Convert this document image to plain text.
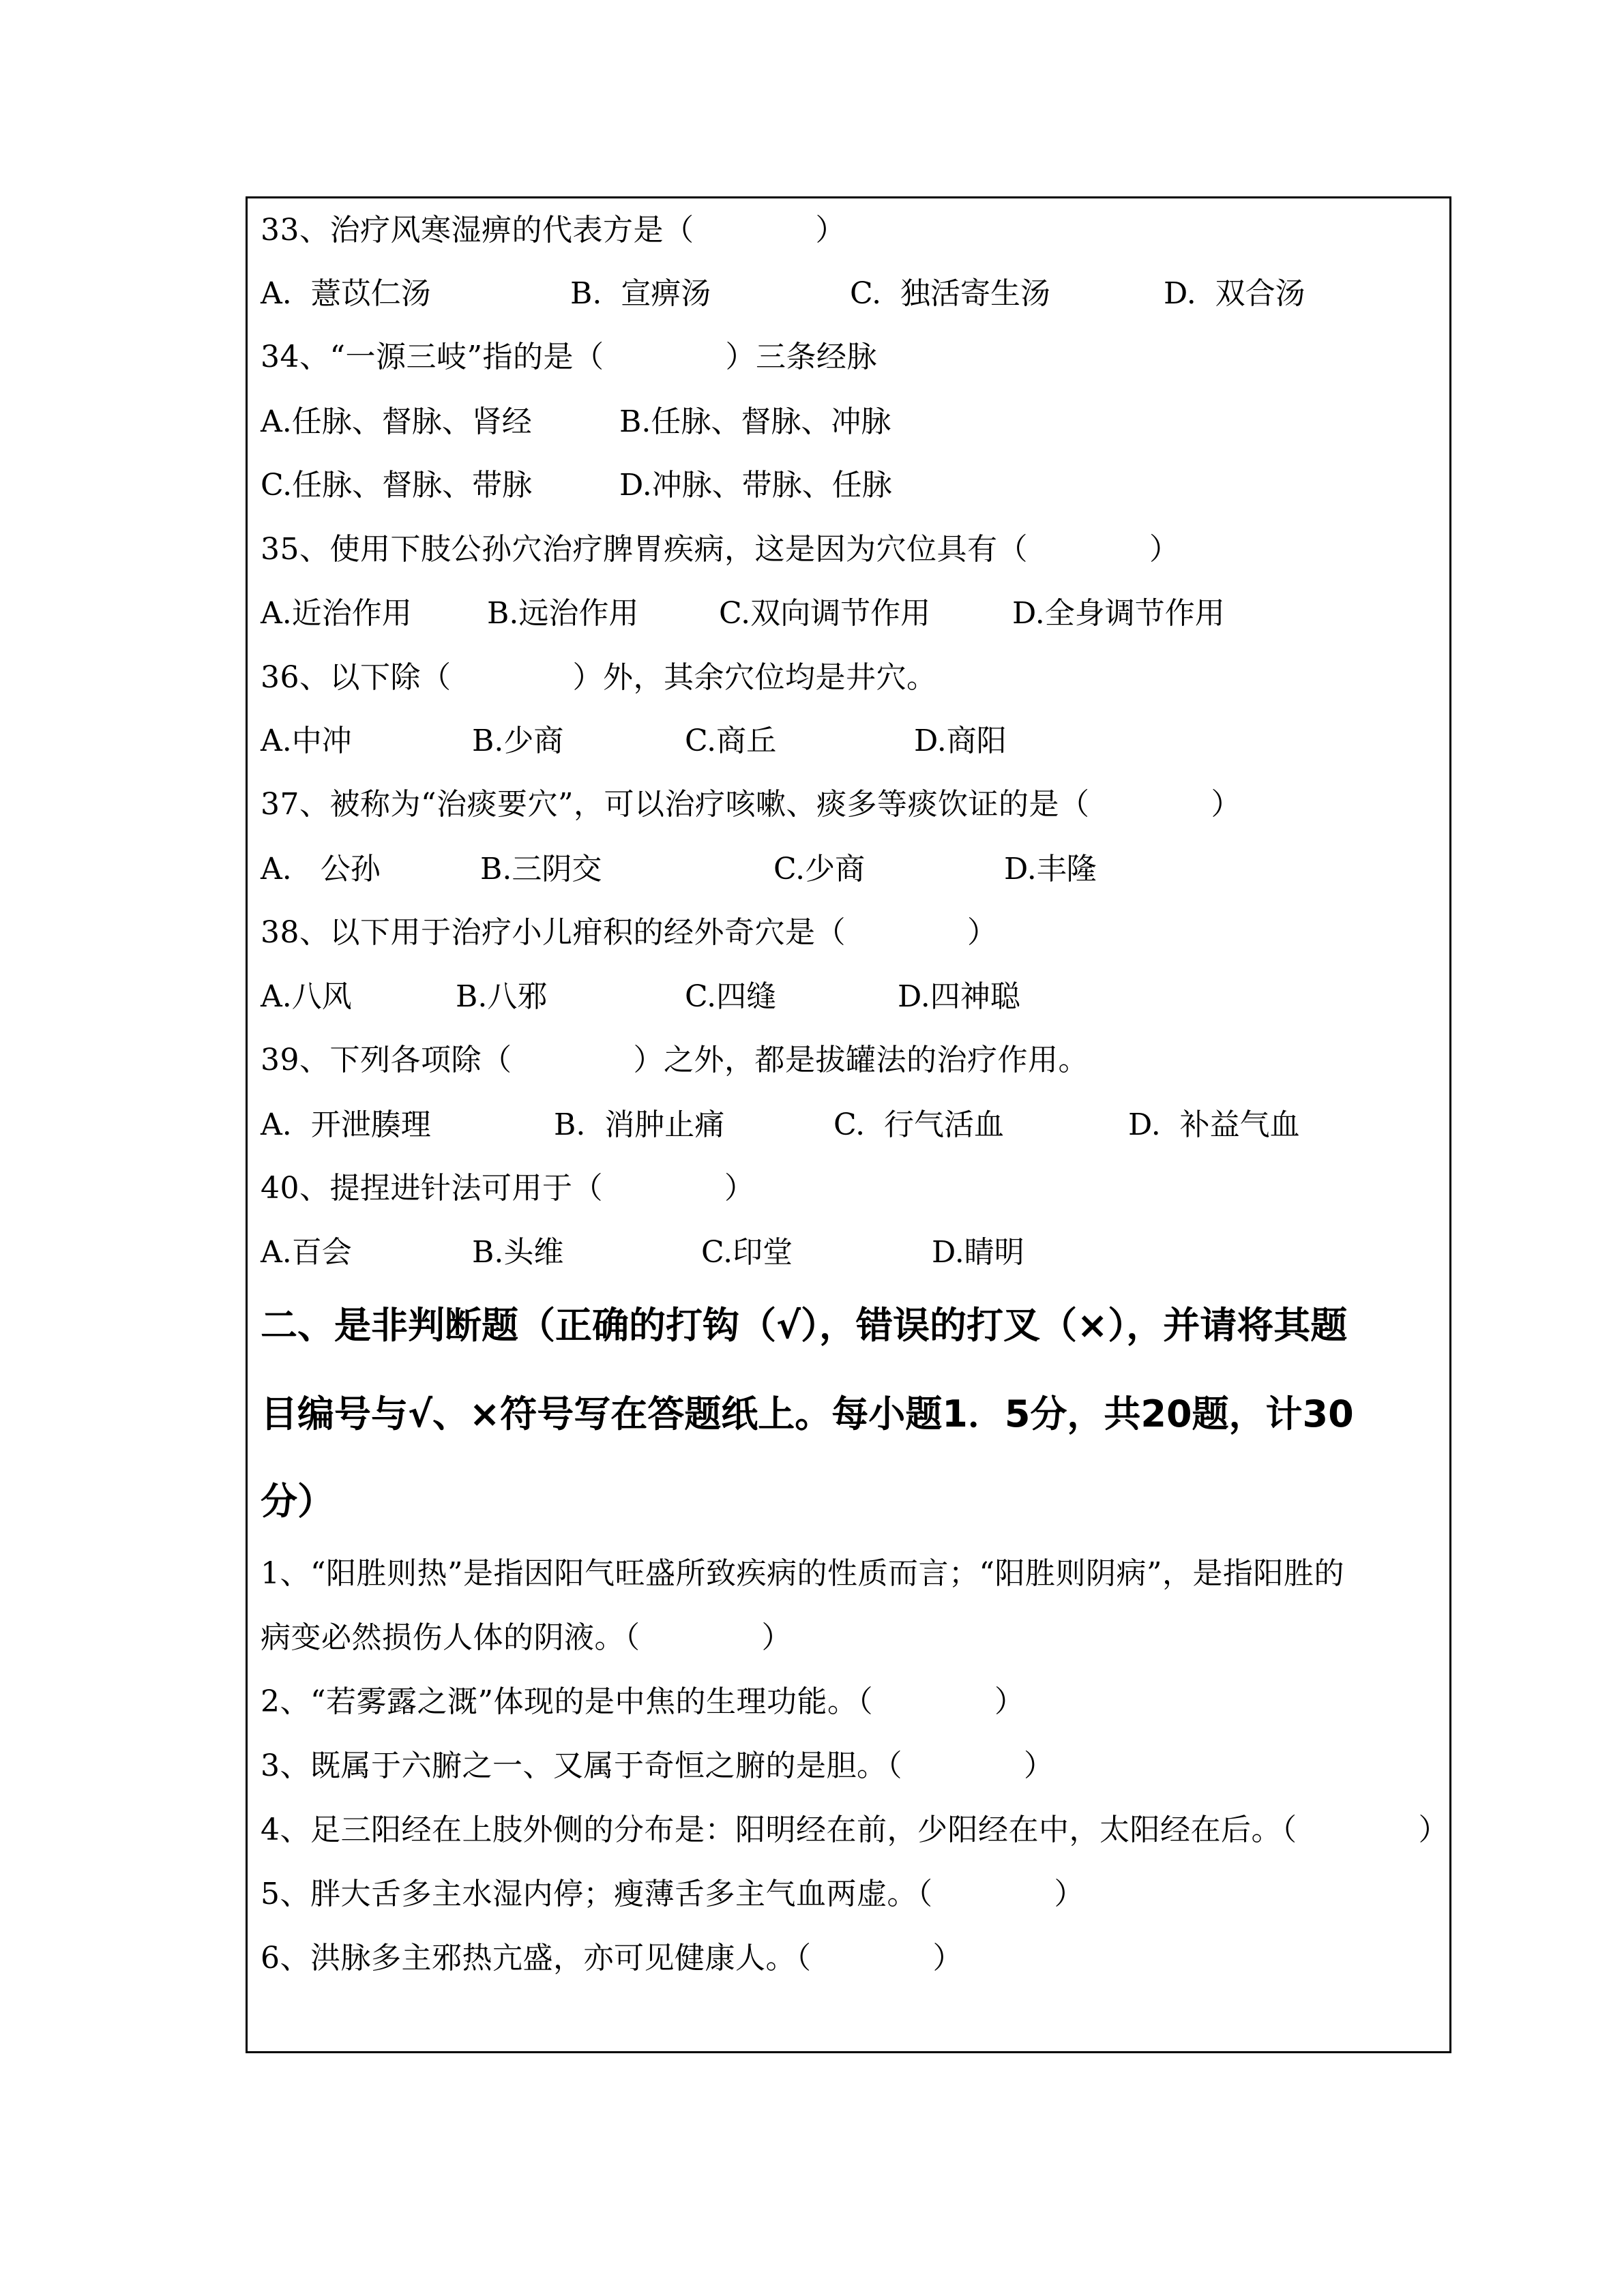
33、治疗风寒湿痹的代表方是（　　　　）
A.  薏苡仁汤	B.  宣痹汤	C.  独活寄生汤	D.  双合汤
34、“一源三岐”指的是（　　　　）三条经脉
A.任脉、督脉、肾经	B.任脉、督脉、冲脉
C.任脉、督脉、带脉	D.冲脉、带脉、任脉
35、使用下肢公孙穴治疗脾胃疾病，这是因为穴位具有（　　　　）
A.近治作用	B.远治作用	C.双向调节作用	D.全身调节作用
36、以下除（　　　　）外，其余穴位均是井穴。
A.中冲	B.少商	C.商丘	D.商阳
37、被称为“治痰要穴”，可以治疗咳嗽、痰多等痰饮证的是（　　　　）
A.   公孙	B.三阴交	C.少商	D.丰隆
38、以下用于治疗小儿疳积的经外奇穴是（　　　　）
A.八风	B.八邪	C.四缝	D.四神聪
39、下列各项除（　　　　）之外，都是拔罐法的治疗作用。
A.  开泄腠理	B.  消肿止痛	C.  行气活血	D.  补益气血
40、提捏进针法可用于（　　　　）
A.百会	B.头维	C.印堂	D.睛明
二、是非判断题（正确的打钩（√），错误的打叉（×），并请将其题
目编号与√、×符号写在答题纸上。每小题1．5分，共20题，计30
分）
1、“阳胜则热”是指因阳气旺盛所致疾病的性质而言；“阳胜则阴病”，是指阳胜的
病变必然损伤人体的阴液。（　　　　）
2、“若雾露之溉”体现的是中焦的生理功能。（　　　　）
3、既属于六腑之一、又属于奇恒之腑的是胆。（　　　　）
4、足三阳经在上肢外侧的分布是：阳明经在前，少阳经在中，太阳经在后。（　　　　）
5、胖大舌多主水湿内停；瘦薄舌多主气血两虚。（　　　　）
6、洪脉多主邪热亢盛，亦可见健康人。（　　　　）
